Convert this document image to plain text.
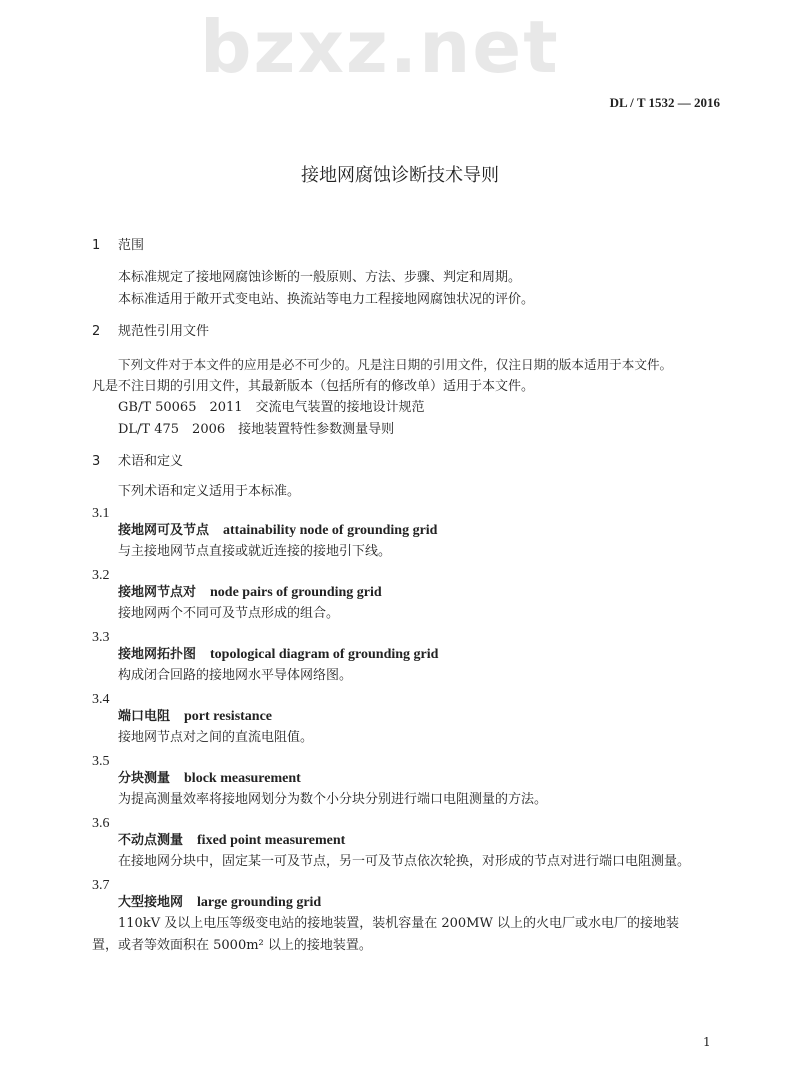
bzxz.net
DL / T 1532 — 2016
接地网腐蚀诊断技术导则
1 范围
本标准规定了接地网腐蚀诊断的一般原则、方法、步骤、判定和周期。
本标准适用于敞开式变电站、换流站等电力工程接地网腐蚀状况的评价。
2 规范性引用文件
下列文件对于本文件的应用是必不可少的。凡是注日期的引用文件，仅注日期的版本适用于本文件。
凡是不注日期的引用文件，其最新版本（包括所有的修改单）适用于本文件。
GB/T 50065　2011　交流电气装置的接地设计规范
DL/T 475　2006　接地装置特性参数测量导则
3 术语和定义
下列术语和定义适用于本标准。
3.1
接地网可及节点 attainability node of grounding grid
与主接地网节点直接或就近连接的接地引下线。
3.2
接地网节点对 node pairs of grounding grid
接地网两个不同可及节点形成的组合。
3.3
接地网拓扑图 topological diagram of grounding grid
构成闭合回路的接地网水平导体网络图。
3.4
端口电阻 port resistance
接地网节点对之间的直流电阻值。
3.5
分块测量 block measurement
为提高测量效率将接地网划分为数个小分块分别进行端口电阻测量的方法。
3.6
不动点测量 fixed point measurement
在接地网分块中，固定某一可及节点，另一可及节点依次轮换，对形成的节点对进行端口电阻测量。
3.7
大型接地网 large grounding grid
110kV 及以上电压等级变电站的接地装置，装机容量在 200MW 以上的火电厂或水电厂的接地装
置，或者等效面积在 5000m² 以上的接地装置。
1
